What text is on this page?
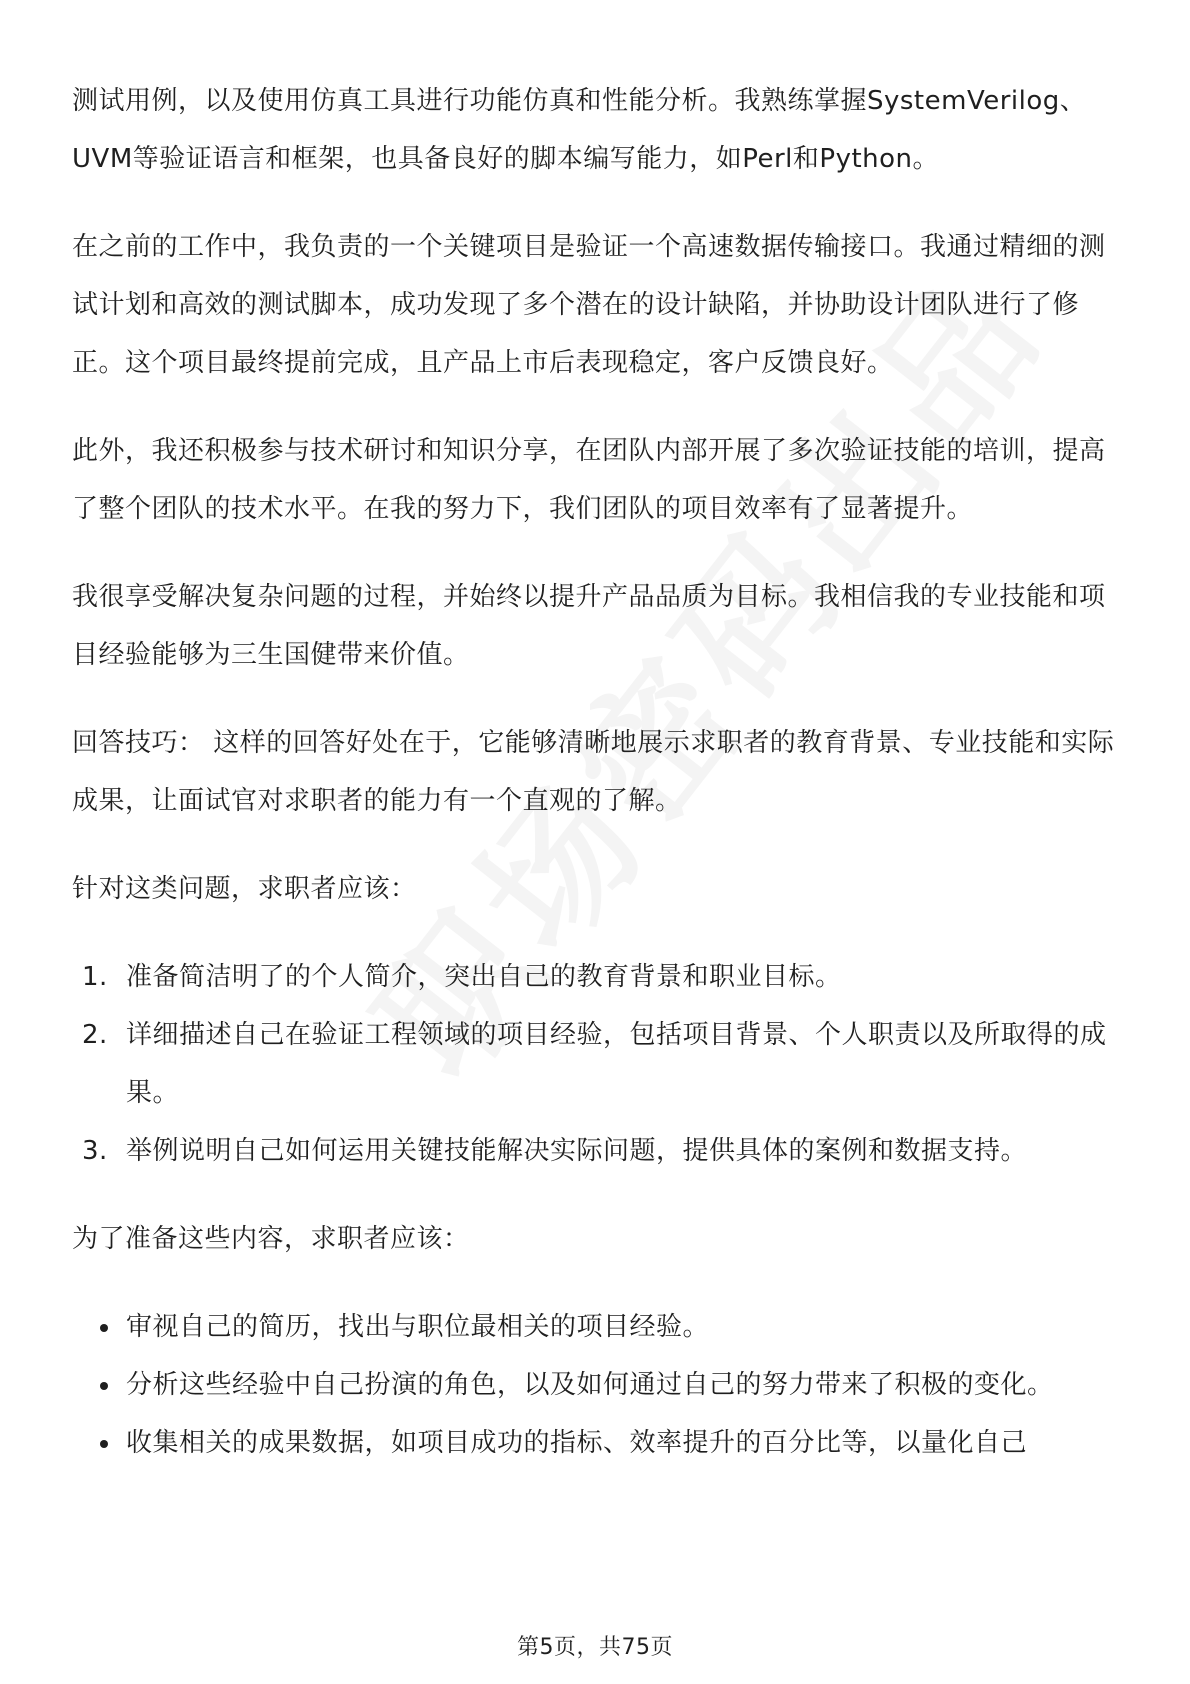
测试用例，以及使用仿真工具进行功能仿真和性能分析。我熟练掌握SystemVerilog、UVM等验证语言和框架，也具备良好的脚本编写能力，如Perl和Python。

在之前的工作中，我负责的一个关键项目是验证一个高速数据传输接口。我通过精细的测试计划和高效的测试脚本，成功发现了多个潜在的设计缺陷，并协助设计团队进行了修正。这个项目最终提前完成，且产品上市后表现稳定，客户反馈良好。

此外，我还积极参与技术研讨和知识分享，在团队内部开展了多次验证技能的培训，提高了整个团队的技术水平。在我的努力下，我们团队的项目效率有了显著提升。

我很享受解决复杂问题的过程，并始终以提升产品品质为目标。我相信我的专业技能和项目经验能够为三生国健带来价值。

回答技巧： 这样的回答好处在于，它能够清晰地展示求职者的教育背景、专业技能和实际成果，让面试官对求职者的能力有一个直观的了解。

针对这类问题，求职者应该：

1. 准备简洁明了的个人简介，突出自己的教育背景和职业目标。
2. 详细描述自己在验证工程领域的项目经验，包括项目背景、个人职责以及所取得的成果。
3. 举例说明自己如何运用关键技能解决实际问题，提供具体的案例和数据支持。

为了准备这些内容，求职者应该：

审视自己的简历，找出与职位最相关的项目经验。
分析这些经验中自己扮演的角色，以及如何通过自己的努力带来了积极的变化。
收集相关的成果数据，如项目成功的指标、效率提升的百分比等，以量化自己
第5页，共75页
